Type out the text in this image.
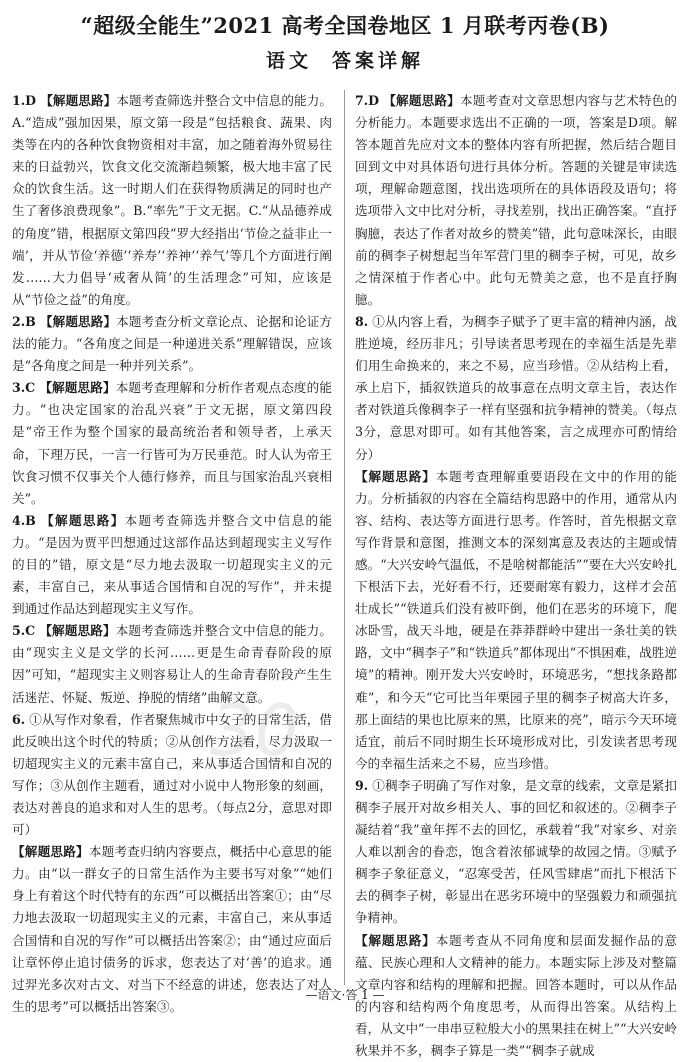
“超级全能生”2021 高考全国卷地区 1 月联考丙卷(B)
语文 答案详解

1.D 【解题思路】本题考查筛选并整合文中信息的能力。A.“造成”强加因果，原文第一段是“包括粮食、蔬果、肉类等在内的各种饮食物资相对丰富，加之随着海外贸易往来的日益勃兴，饮食文化交流渐趋频繁，极大地丰富了民众的饮食生活。这一时期人们在获得物质满足的同时也产生了奢侈浪费现象”。B.“率先”于文无据。C.“从品德养成的角度”错，根据原文第四段“罗大经指出‘节俭之益非止一端’，并从节俭‘养德’‘养寿’‘养神’‘养气’等几个方面进行阐发……大力倡导‘戒奢从简’的生活理念”可知，应该是从“节俭之益”的角度。

2.B 【解题思路】本题考查分析文章论点、论据和论证方法的能力。“各角度之间是一种递进关系”理解错误，应该是“各角度之间是一种并列关系”。

3.C 【解题思路】本题考查理解和分析作者观点态度的能力。“也决定国家的治乱兴衰”于文无据，原文第四段是“帝王作为整个国家的最高统治者和领导者，上承天命，下理万民，一言一行皆可为万民垂范。时人认为帝王饮食习惯不仅事关个人德行修养，而且与国家治乱兴衰相关”。

4.B 【解题思路】本题考查筛选并整合文中信息的能力。“是因为贾平凹想通过这部作品达到超现实主义写作的目的”错，原文是“尽力地去汲取一切超现实主义的元素，丰富自己，来从事适合国情和自况的写作”，并未提到通过作品达到超现实主义写作。

5.C 【解题思路】本题考查筛选并整合文中信息的能力。由“现实主义是文学的长河……更是生命青春阶段的原因”可知，“超现实主义则容易让人的生命青春阶段产生生活迷茫、怀疑、叛逆、挣脱的情绪”曲解文意。

6. ①从写作对象看，作者聚焦城市中女子的日常生活，借此反映出这个时代的特质；②从创作方法看，尽力汲取一切超现实主义的元素丰富自己，来从事适合国情和自况的写作；③从创作主题看，通过对小说中人物形象的刻画，表达对善良的追求和对人生的思考。（每点2分，意思对即可）

【解题思路】本题考查归纳内容要点，概括中心意思的能力。由“以一群女子的日常生活作为主要书写对象”“她们身上有着这个时代特有的东西”可以概括出答案①；由“尽力地去汲取一切超现实主义的元素，丰富自己，来从事适合国情和自况的写作”可以概括出答案②；由“通过应面后让章怀停止追讨债务的诉求，您表达了对‘善’的追求。通过羿光多次对古文、对当下不经意的讲述，您表达了对人生的思考”可以概括出答案③。

7.D 【解题思路】本题考查对文章思想内容与艺术特色的分析能力。本题要求选出不正确的一项，答案是D项。解答本题首先应对文本的整体内容有所把握，然后结合题目回到文中对具体语句进行具体分析。答题的关键是审读选项，理解命题意图，找出选项所在的具体语段及语句；将选项带入文中比对分析，寻找差别，找出正确答案。“直抒胸臆，表达了作者对故乡的赞美”错，此句意味深长，由眼前的稠李子树想起当年军营门里的稠李子树，可见，故乡之情深植于作者心中。此句无赞美之意，也不是直抒胸臆。

8. ①从内容上看，为稠李子赋予了更丰富的精神内涵，战胜逆境，经历非凡；引导读者思考现在的幸福生活是先辈们用生命换来的，来之不易，应当珍惜。②从结构上看，承上启下，插叙铁道兵的故事意在点明文章主旨，表达作者对铁道兵像稠李子一样有坚强和抗争精神的赞美。（每点3分，意思对即可。如有其他答案，言之成理亦可酌情给分）

【解题思路】本题考查理解重要语段在文中的作用的能力。分析插叙的内容在全篇结构思路中的作用，通常从内容、结构、表达等方面进行思考。作答时，首先根据文章写作背景和意图，推测文本的深刻寓意及表达的主题或情感。“大兴安岭气温低，不是啥树都能活”“要在大兴安岭扎下根活下去，光好看不行，还要耐寒有毅力，这样才会茁壮成长”“铁道兵们没有被吓倒，他们在恶劣的环境下，爬冰卧雪，战天斗地，硬是在莽莽群岭中建出一条壮美的铁路，文中“稠李子”和“铁道兵”都体现出“不惧困难，战胜逆境”的精神。刚开发大兴安岭时，环境恶劣，“想找条路都难”，和今天“它可比当年栗园子里的稠李子树高大许多，那上面结的果也比原来的黑，比原来的亮”，暗示今天环境适宜，前后不同时期生长环境形成对比，引发读者思考现今的幸福生活来之不易，应当珍惜。

9. ①稠李子明确了写作对象，是文章的线索，文章是紧扣稠李子展开对故乡相关人、事的回忆和叙述的。②稠李子凝结着“我”童年挥不去的回忆，承载着“我”对家乡、对亲人难以割舍的眷恋，饱含着浓郁诚挚的故园之情。③赋予稠李子象征意义，“忍寒受苦，任风雪肆虐”而扎下根活下去的稠李子树，彰显出在恶劣环境中的坚强毅力和顽强抗争精神。

【解题思路】本题考查从不同角度和层面发掘作品的意蕴、民族心理和人文精神的能力。本题实际上涉及对整篇文章内容和结构的理解和把握。回答本题时，可以从作品的内容和结构两个角度思考，从而得出答案。从结构上看，从文中“一串串豆粒般大小的黑果挂在树上”“大兴安岭秋果并不多，稠李子算是一类”“稠李子就成

30
—语文·答 1 —
